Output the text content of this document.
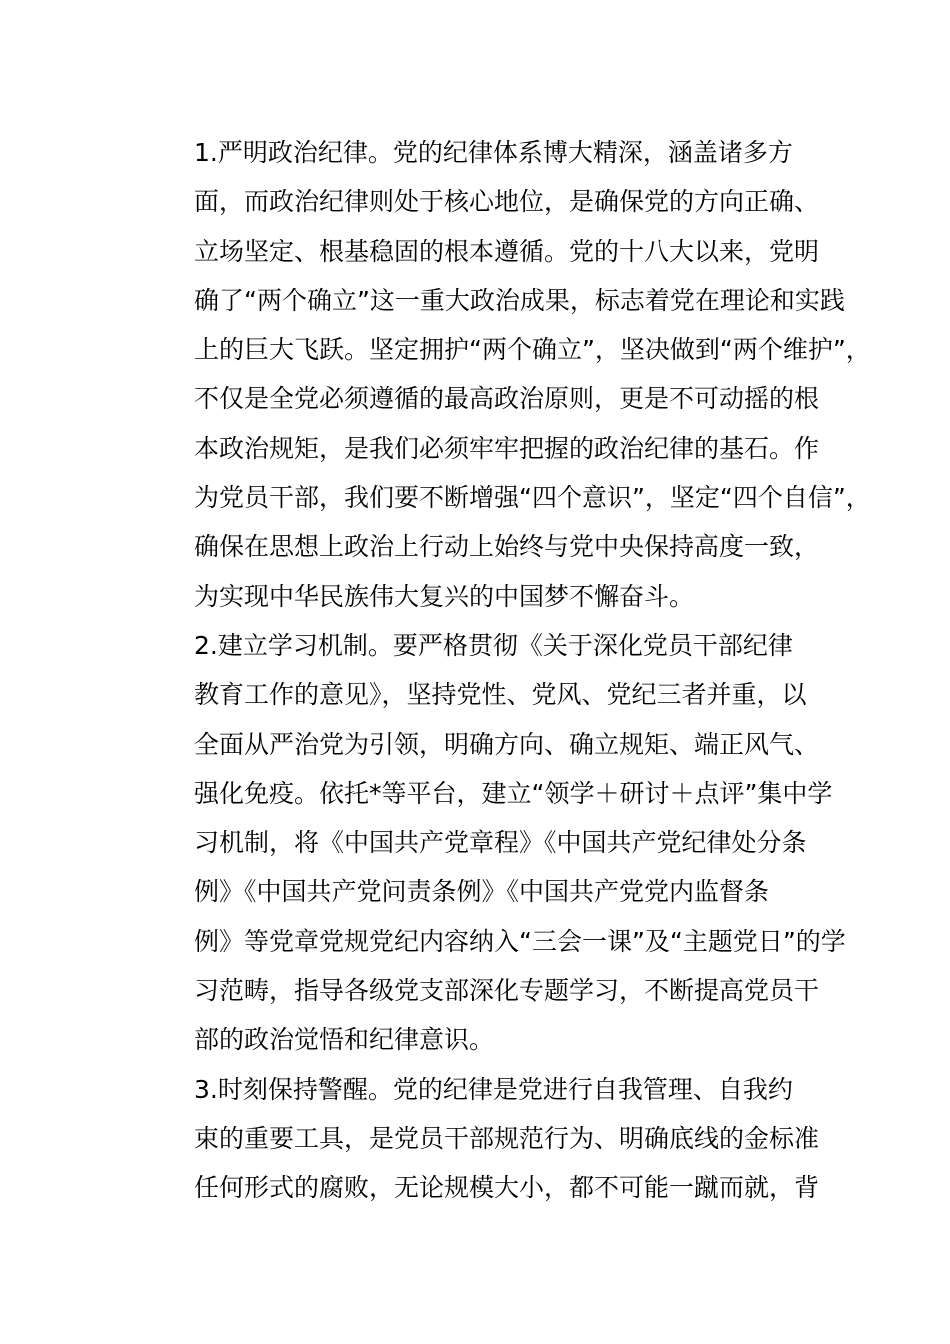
1.严明政治纪律。党的纪律体系博大精深，涵盖诸多方
面，而政治纪律则处于核心地位，是确保党的方向正确、
立场坚定、根基稳固的根本遵循。党的十八大以来，党明
确了“两个确立”这一重大政治成果，标志着党在理论和实践
上的巨大飞跃。坚定拥护“两个确立”，坚决做到“两个维护”，
不仅是全党必须遵循的最高政治原则，更是不可动摇的根
本政治规矩，是我们必须牢牢把握的政治纪律的基石。作
为党员干部，我们要不断增强“四个意识”，坚定“四个自信”，
确保在思想上政治上行动上始终与党中央保持高度一致，
为实现中华民族伟大复兴的中国梦不懈奋斗。

2.建立学习机制。要严格贯彻《关于深化党员干部纪律
教育工作的意见》，坚持党性、党风、党纪三者并重，以
全面从严治党为引领，明确方向、确立规矩、端正风气、
强化免疫。依托*等平台，建立“领学＋研讨＋点评”集中学
习机制，将《中国共产党章程》《中国共产党纪律处分条
例》《中国共产党问责条例》《中国共产党党内监督条
例》等党章党规党纪内容纳入“三会一课”及“主题党日”的学
习范畴，指导各级党支部深化专题学习，不断提高党员干
部的政治觉悟和纪律意识。

3.时刻保持警醒。党的纪律是党进行自我管理、自我约
束的重要工具，是党员干部规范行为、明确底线的金标准
任何形式的腐败，无论规模大小，都不可能一蹴而就，背
